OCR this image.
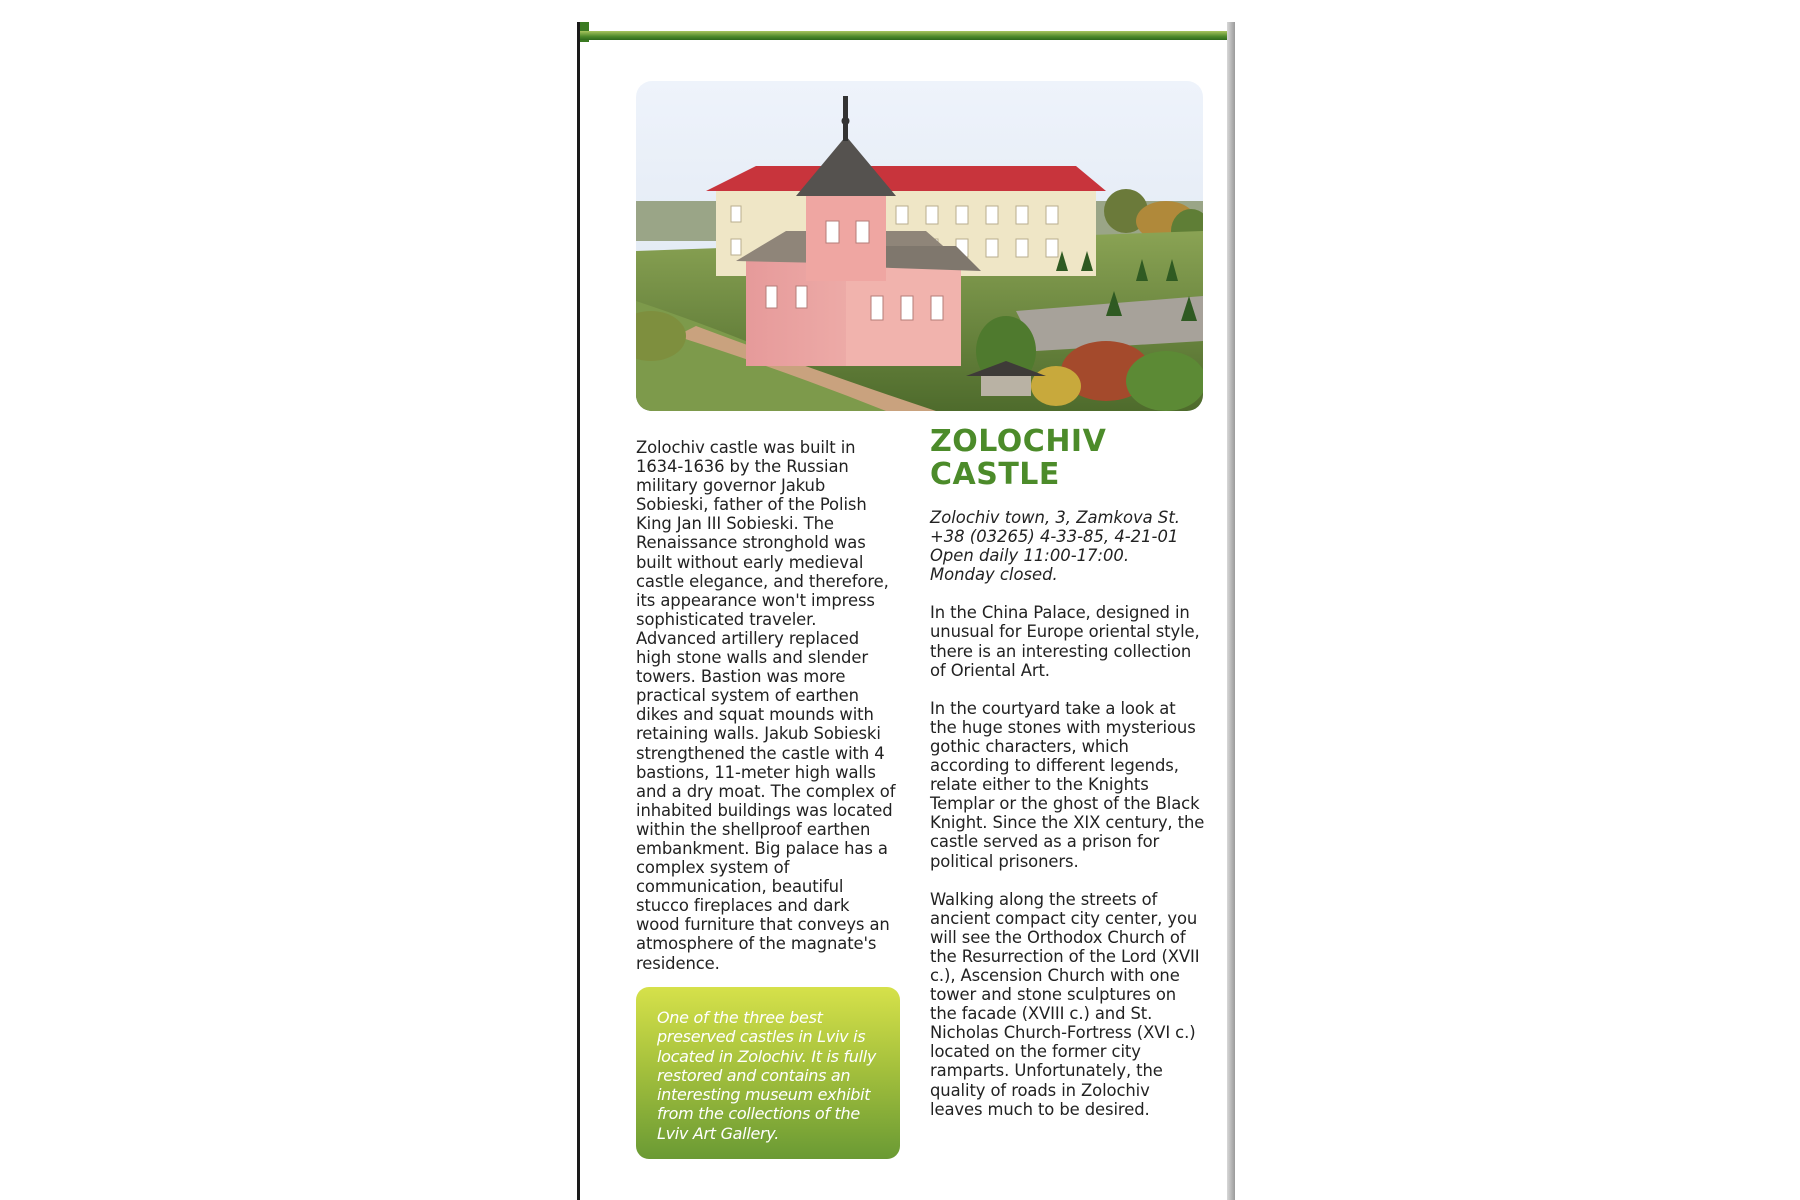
Zolochiv castle was built in 1634-1636 by the Russian military governor Jakub Sobieski, father of the Polish King Jan III Sobieski. The Renaissance stronghold was built without early medieval castle elegance, and therefore, its appearance won't impress sophisticated traveler. Advanced artillery replaced high stone walls and slender towers. Bastion was more practical system of earthen dikes and squat mounds with retaining walls. Jakub Sobieski strengthened the castle with 4 bastions, 11-meter high walls and a dry moat. The complex of inhabited buildings was located within the shellproof earthen embankment. Big palace has a complex system of communication, beautiful stucco fireplaces and dark wood furniture that conveys an atmosphere of the magnate's residence.
ZOLOCHIV
CASTLE
Zolochiv town, 3, Zamkova St.
+38 (03265) 4-33-85, 4-21-01
Open daily 11:00-17:00.
Monday closed.
In the China Palace, designed in unusual for Europe oriental style, there is an interesting collection of Oriental Art.
In the courtyard take a look at the huge stones with mysterious gothic characters, which according to different legends, relate either to the Knights Templar or the ghost of the Black Knight. Since the XIX century, the castle served as a prison for political prisoners.
Walking along the streets of ancient compact city center, you will see the Orthodox Church of the Resurrection of the Lord (XVII c.), Ascension Church with one tower and stone sculptures on the facade (XVIII c.) and St. Nicholas Church-Fortress (XVI c.) located on the former city ramparts. Unfortunately, the quality of roads in Zolochiv leaves much to be desired.
One of the three best preserved castles in Lviv is located in Zolochiv. It is fully restored and contains an interesting museum exhibit from the collections of the Lviv Art Gallery.
